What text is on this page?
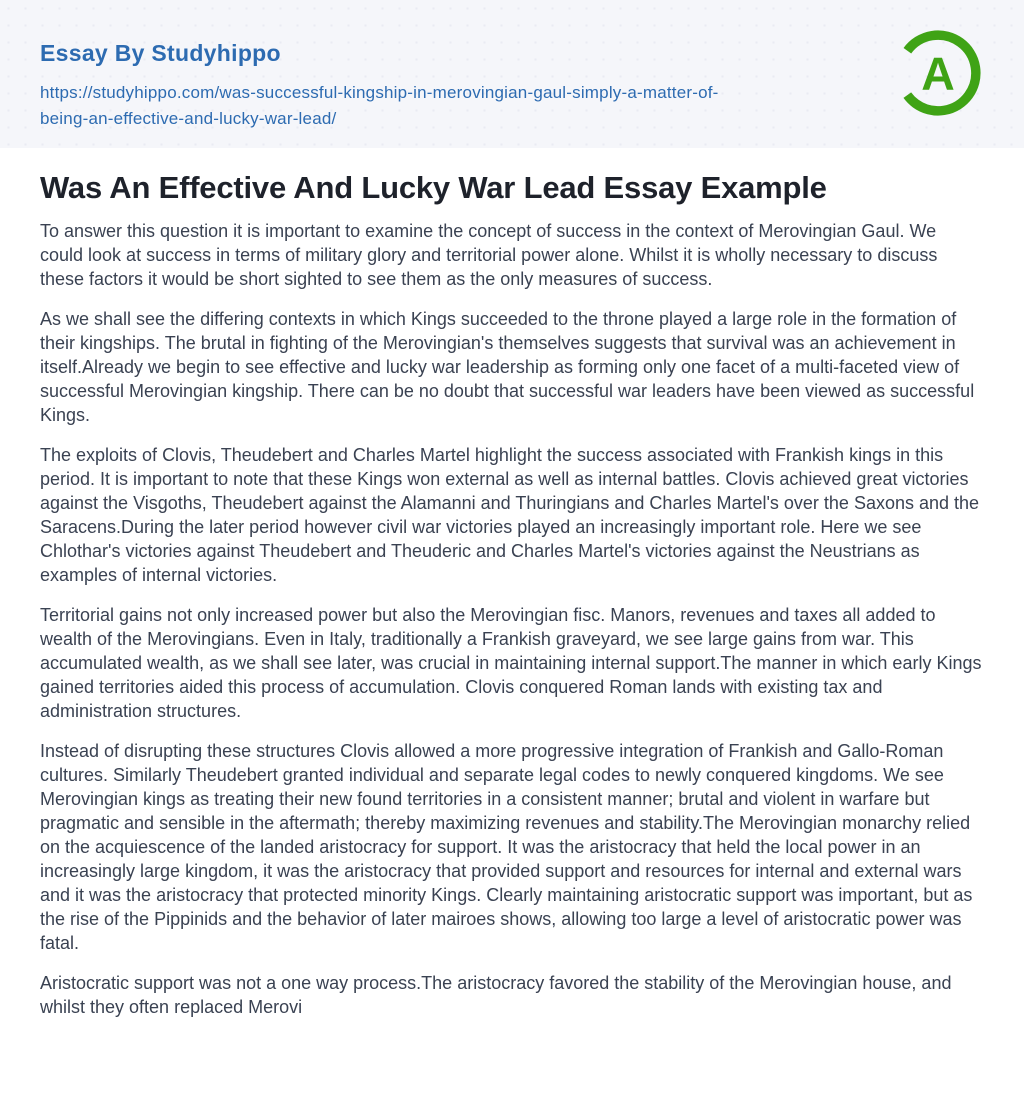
Essay By Studyhippo
https://studyhippo.com/was-successful-kingship-in-merovingian-gaul-simply-a-matter-of-
being-an-effective-and-lucky-war-lead/
A
Was An Effective And Lucky War Lead Essay Example

To answer this question it is important to examine the concept of success in the context of Merovingian Gaul. We could look at success in terms of military glory and territorial power alone. Whilst it is wholly necessary to discuss these factors it would be short sighted to see them as the only measures of success.

As we shall see the differing contexts in which Kings succeeded to the throne played a large role in the formation of their kingships. The brutal in fighting of the Merovingian's themselves suggests that survival was an achievement in itself.Already we begin to see effective and lucky war leadership as forming only one facet of a multi-faceted view of successful Merovingian kingship. There can be no doubt that successful war leaders have been viewed as successful Kings.

The exploits of Clovis, Theudebert and Charles Martel highlight the success associated with Frankish kings in this period. It is important to note that these Kings won external as well as internal battles. Clovis achieved great victories against the Visgoths, Theudebert against the Alamanni and Thuringians and Charles Martel's over the Saxons and the Saracens.During the later period however civil war victories played an increasingly important role. Here we see Chlothar's victories against Theudebert and Theuderic and Charles Martel's victories against the Neustrians as examples of internal victories.

Territorial gains not only increased power but also the Merovingian fisc. Manors, revenues and taxes all added to wealth of the Merovingians. Even in Italy, traditionally a Frankish graveyard, we see large gains from war. This accumulated wealth, as we shall see later, was crucial in maintaining internal support.The manner in which early Kings gained territories aided this process of accumulation. Clovis conquered Roman lands with existing tax and administration structures.

Instead of disrupting these structures Clovis allowed a more progressive integration of Frankish and Gallo-Roman cultures. Similarly Theudebert granted individual and separate legal codes to newly conquered kingdoms. We see Merovingian kings as treating their new found territories in a consistent manner; brutal and violent in warfare but pragmatic and sensible in the aftermath; thereby maximizing revenues and stability.The Merovingian monarchy relied on the acquiescence of the landed aristocracy for support. It was the aristocracy that held the local power in an increasingly large kingdom, it was the aristocracy that provided support and resources for internal and external wars and it was the aristocracy that protected minority Kings. Clearly maintaining aristocratic support was important, but as the rise of the Pippinids and the behavior of later mairoes shows, allowing too large a level of aristocratic power was fatal.

Aristocratic support was not a one way process.The aristocracy favored the stability of the Merovingian house, and whilst they often replaced Merovi
